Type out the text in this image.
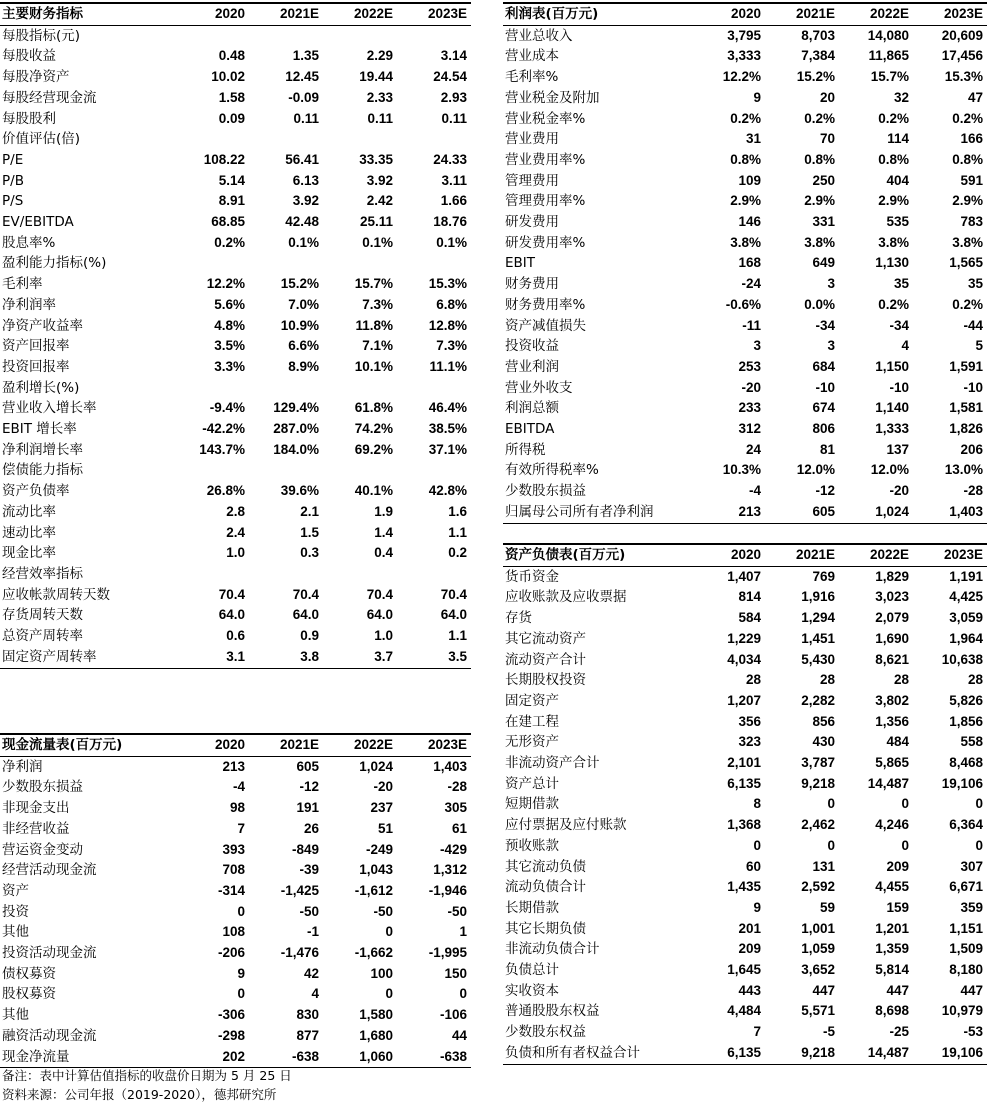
主要财务指标	2020	2021E	2022E	2023E
每股指标(元)				
每股收益	0.48	1.35	2.29	3.14
每股净资产	10.02	12.45	19.44	24.54
每股经营现金流	1.58	-0.09	2.33	2.93
每股股利	0.09	0.11	0.11	0.11
价值评估(倍)				
P/E	108.22	56.41	33.35	24.33
P/B	5.14	6.13	3.92	3.11
P/S	8.91	3.92	2.42	1.66
EV/EBITDA	68.85	42.48	25.11	18.76
股息率%	0.2%	0.1%	0.1%	0.1%
盈利能力指标(%)				
毛利率	12.2%	15.2%	15.7%	15.3%
净利润率	5.6%	7.0%	7.3%	6.8%
净资产收益率	4.8%	10.9%	11.8%	12.8%
资产回报率	3.5%	6.6%	7.1%	7.3%
投资回报率	3.3%	8.9%	10.1%	11.1%
盈利增长(%)				
营业收入增长率	-9.4%	129.4%	61.8%	46.4%
EBIT 增长率	-42.2%	287.0%	74.2%	38.5%
净利润增长率	143.7%	184.0%	69.2%	37.1%
偿债能力指标				
资产负债率	26.8%	39.6%	40.1%	42.8%
流动比率	2.8	2.1	1.9	1.6
速动比率	2.4	1.5	1.4	1.1
现金比率	1.0	0.3	0.4	0.2
经营效率指标				
应收帐款周转天数	70.4	70.4	70.4	70.4
存货周转天数	64.0	64.0	64.0	64.0
总资产周转率	0.6	0.9	1.0	1.1
固定资产周转率	3.1	3.8	3.7	3.5
现金流量表(百万元)	2020	2021E	2022E	2023E
净利润	213	605	1,024	1,403
少数股东损益	-4	-12	-20	-28
非现金支出	98	191	237	305
非经营收益	7	26	51	61
营运资金变动	393	-849	-249	-429
经营活动现金流	708	-39	1,043	1,312
资产	-314	-1,425	-1,612	-1,946
投资	0	-50	-50	-50
其他	108	-1	0	1
投资活动现金流	-206	-1,476	-1,662	-1,995
债权募资	9	42	100	150
股权募资	0	4	0	0
其他	-306	830	1,580	-106
融资活动现金流	-298	877	1,680	44
现金净流量	202	-638	1,060	-638
利润表(百万元)	2020	2021E	2022E	2023E
营业总收入	3,795	8,703	14,080	20,609
营业成本	3,333	7,384	11,865	17,456
毛利率%	12.2%	15.2%	15.7%	15.3%
营业税金及附加	9	20	32	47
营业税金率%	0.2%	0.2%	0.2%	0.2%
营业费用	31	70	114	166
营业费用率%	0.8%	0.8%	0.8%	0.8%
管理费用	109	250	404	591
管理费用率%	2.9%	2.9%	2.9%	2.9%
研发费用	146	331	535	783
研发费用率%	3.8%	3.8%	3.8%	3.8%
EBIT	168	649	1,130	1,565
财务费用	-24	3	35	35
财务费用率%	-0.6%	0.0%	0.2%	0.2%
资产减值损失	-11	-34	-34	-44
投资收益	3	3	4	5
营业利润	253	684	1,150	1,591
营业外收支	-20	-10	-10	-10
利润总额	233	674	1,140	1,581
EBITDA	312	806	1,333	1,826
所得税	24	81	137	206
有效所得税率%	10.3%	12.0%	12.0%	13.0%
少数股东损益	-4	-12	-20	-28
归属母公司所有者净利润	213	605	1,024	1,403
资产负债表(百万元)	2020	2021E	2022E	2023E
货币资金	1,407	769	1,829	1,191
应收账款及应收票据	814	1,916	3,023	4,425
存货	584	1,294	2,079	3,059
其它流动资产	1,229	1,451	1,690	1,964
流动资产合计	4,034	5,430	8,621	10,638
长期股权投资	28	28	28	28
固定资产	1,207	2,282	3,802	5,826
在建工程	356	856	1,356	1,856
无形资产	323	430	484	558
非流动资产合计	2,101	3,787	5,865	8,468
资产总计	6,135	9,218	14,487	19,106
短期借款	8	0	0	0
应付票据及应付账款	1,368	2,462	4,246	6,364
预收账款	0	0	0	0
其它流动负债	60	131	209	307
流动负债合计	1,435	2,592	4,455	6,671
长期借款	9	59	159	359
其它长期负债	201	1,001	1,201	1,151
非流动负债合计	209	1,059	1,359	1,509
负债总计	1,645	3,652	5,814	8,180
实收资本	443	447	447	447
普通股股东权益	4,484	5,571	8,698	10,979
少数股东权益	7	-5	-25	-53
负债和所有者权益合计	6,135	9,218	14,487	19,106
备注：表中计算估值指标的收盘价日期为 5 月 25 日
资料来源：公司年报（2019-2020），德邦研究所
